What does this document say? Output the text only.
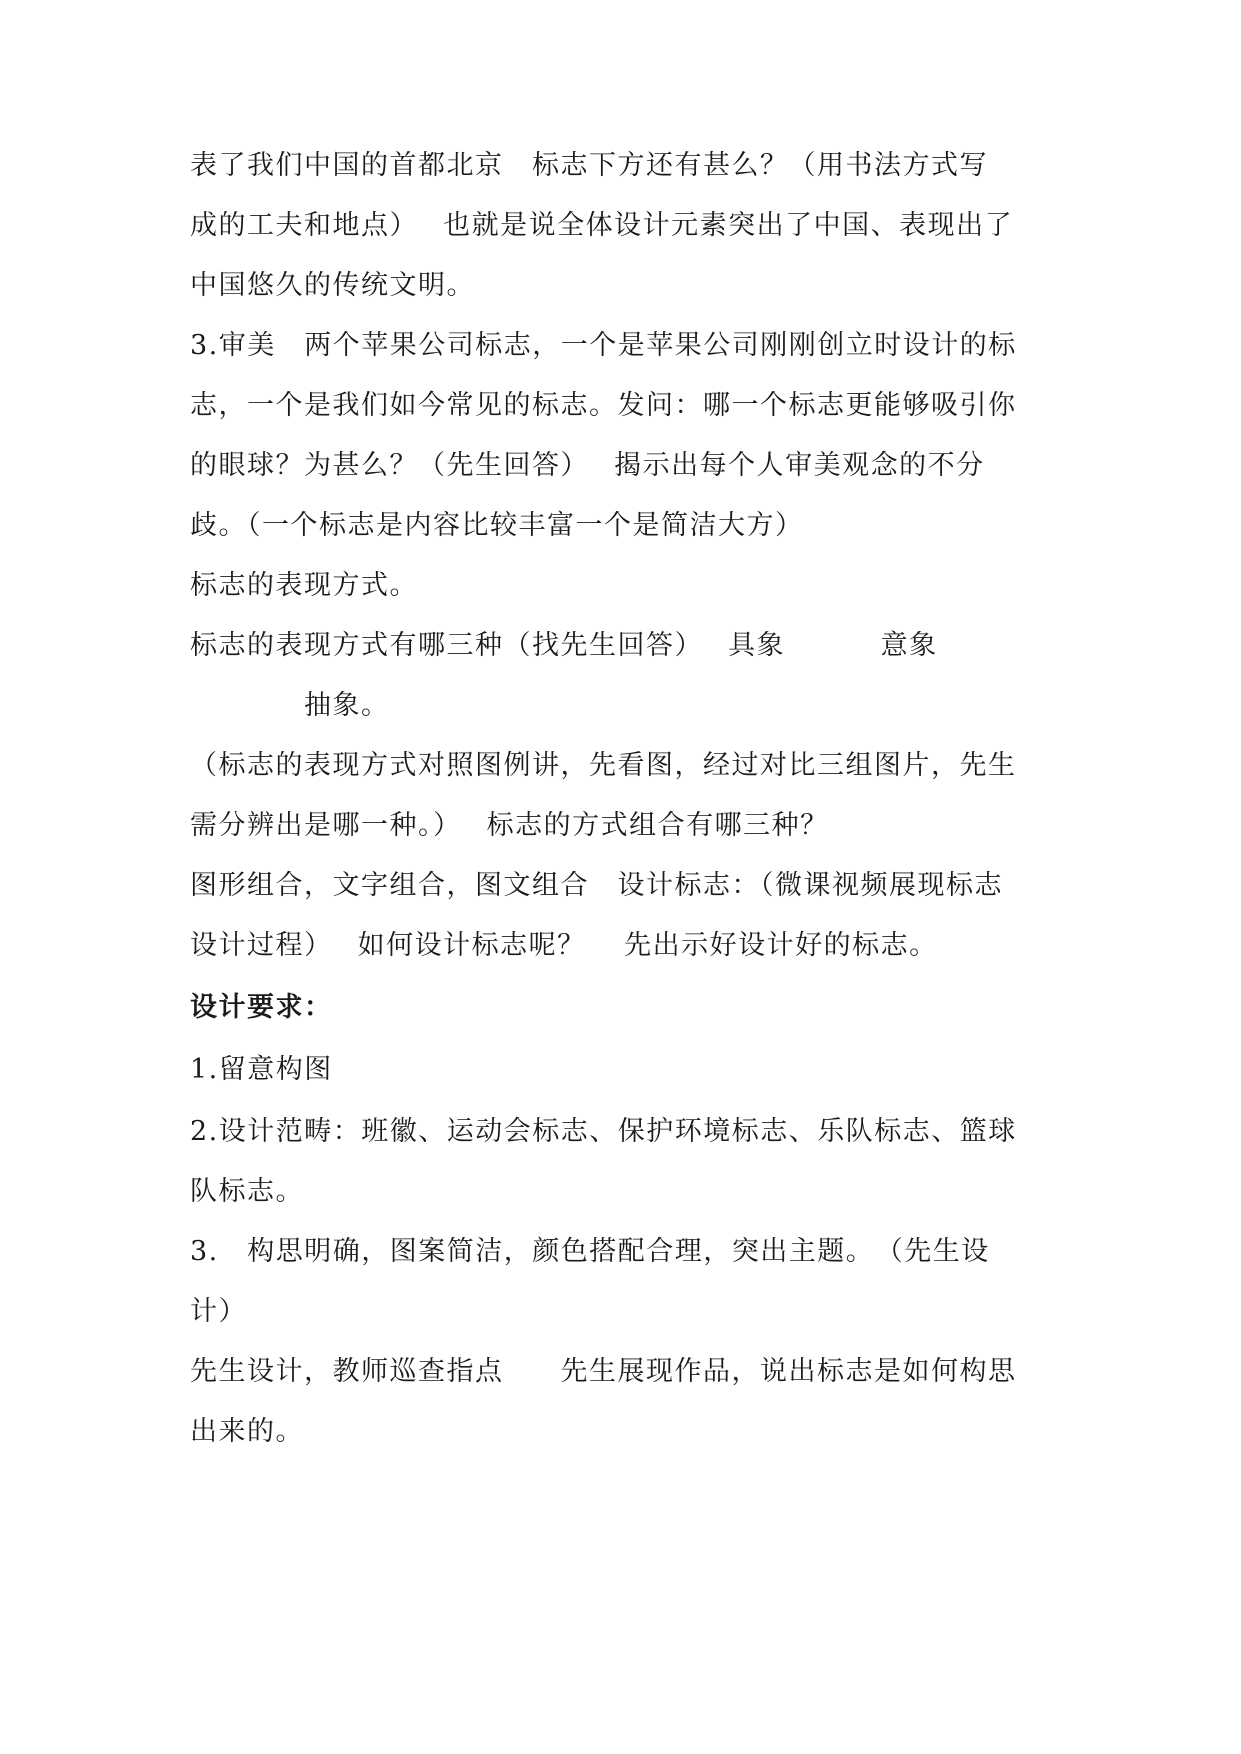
表了我们中国的首都北京　标志下方还有甚么？（用书法方式写
成的工夫和地点）　 也就是说全体设计元素突出了中国、表现出了
中国悠久的传统文明。
3.审美　两个苹果公司标志，一个是苹果公司刚刚创立时设计的标
志，一个是我们如今常见的标志。发问：哪一个标志更能够吸引你
的眼球？为甚么？（先生回答）　 揭示出每个人审美观念的不分
歧。（一个标志是内容比较丰富一个是简洁大方）
标志的表现方式。
标志的表现方式有哪三种（找先生回答）　 具象　　　 意象
　　　　抽象。
（标志的表现方式对照图例讲，先看图，经过对比三组图片，先生
需分辨出是哪一种。）　 标志的方式组合有哪三种？
图形组合，文字组合，图文组合　设计标志：（微课视频展现标志
设计过程）　 如何设计标志呢？　 先出示好设计好的标志。
设计要求：
1.留意构图
2.设计范畴：班徽、运动会标志、保护环境标志、乐队标志、篮球
队标志。
3.　构思明确，图案简洁，颜色搭配合理，突出主题。　（先生设
计）
先生设计，教师巡查指点　　先生展现作品，说出标志是如何构思
出来的。
